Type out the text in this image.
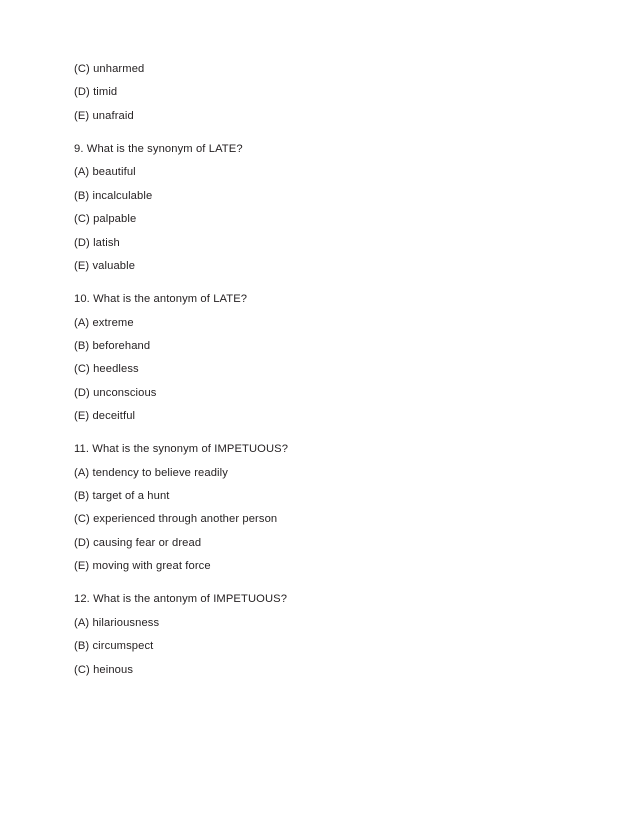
(C) unharmed

(D) timid

(E) unafraid

9. What is the synonym of LATE?

(A) beautiful

(B) incalculable

(C) palpable

(D) latish

(E) valuable

10. What is the antonym of LATE?

(A) extreme

(B) beforehand

(C) heedless

(D) unconscious

(E) deceitful

11. What is the synonym of IMPETUOUS?

(A) tendency to believe readily

(B) target of a hunt

(C) experienced through another person

(D) causing fear or dread

(E) moving with great force

12. What is the antonym of IMPETUOUS?

(A) hilariousness

(B) circumspect

(C) heinous
